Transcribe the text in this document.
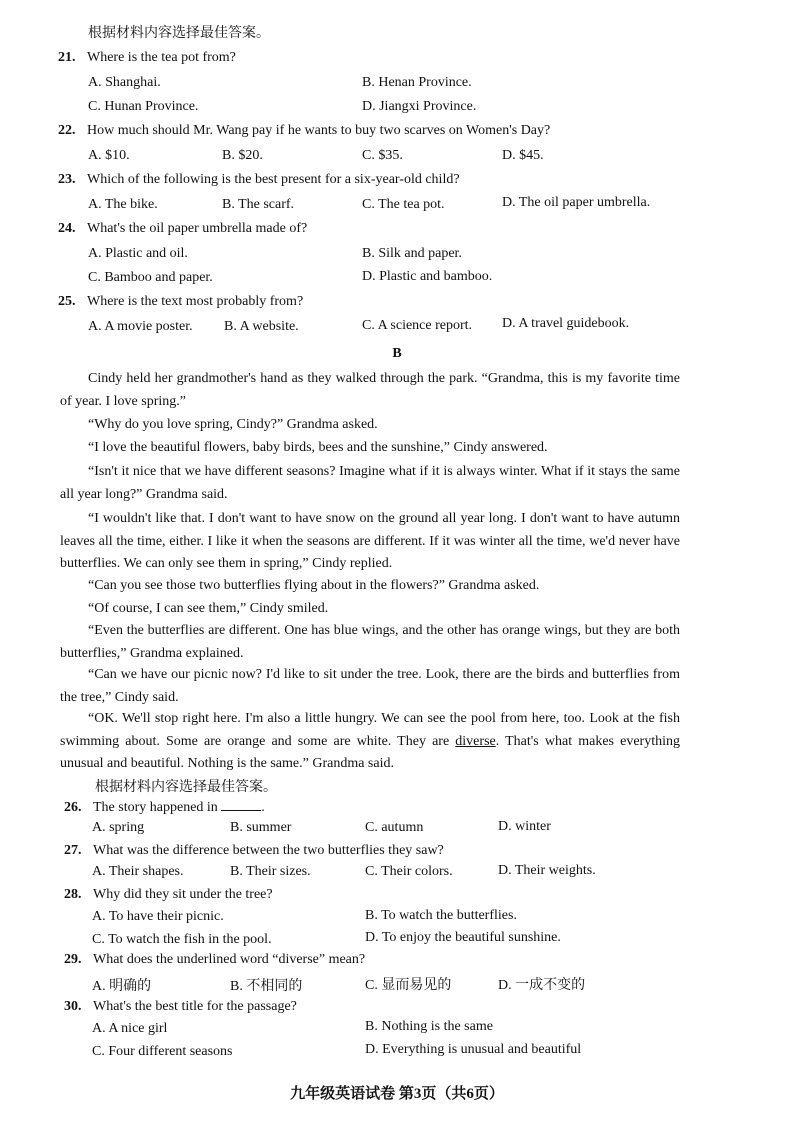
根据材料内容选择最佳答案。
21. Where is the tea pot from?
A. Shanghai.	B. Henan Province.
C. Hunan Province.	D. Jiangxi Province.
22. How much should Mr. Wang pay if he wants to buy two scarves on Women's Day?
A. $10.	B. $20.	C. $35.	D. $45.
23. Which of the following is the best present for a six-year-old child?
A. The bike.	B. The scarf.	C. The tea pot.	D. The oil paper umbrella.
24. What's the oil paper umbrella made of?
A. Plastic and oil.	B. Silk and paper.
C. Bamboo and paper.	D. Plastic and bamboo.
25. Where is the text most probably from?
A. A movie poster. B. A website.	C. A science report. D. A travel guidebook.
B
Cindy held her grandmother's hand as they walked through the park. “Grandma, this is my favorite time of year. I love spring.”
“Why do you love spring, Cindy?” Grandma asked.
“I love the beautiful flowers, baby birds, bees and the sunshine,” Cindy answered.
“Isn't it nice that we have different seasons? Imagine what if it is always winter. What if it stays the same all year long?” Grandma said.
“I wouldn't like that. I don't want to have snow on the ground all year long. I don't want to have autumn leaves all the time, either. I like it when the seasons are different. If it was winter all the time, we'd never have butterflies. We can only see them in spring,” Cindy replied.
“Can you see those two butterflies flying about in the flowers?” Grandma asked.
“Of course, I can see them,” Cindy smiled.
“Even the butterflies are different. One has blue wings, and the other has orange wings, but they are both butterflies,” Grandma explained.
“Can we have our picnic now? I'd like to sit under the tree. Look, there are the birds and butterflies from the tree,” Cindy said.
“OK. We'll stop right here. I'm also a little hungry. We can see the pool from here, too. Look at the fish swimming about. Some are orange and some are white. They are diverse. That's what makes everything unusual and beautiful. Nothing is the same.” Grandma said.
根据材料内容选择最佳答案。
26. The story happened in	.
A. spring	B. summer	C. autumn	D. winter
27. What was the difference between the two butterflies they saw?
A. Their shapes.	B. Their sizes.	C. Their colors.	D. Their weights.
28. Why did they sit under the tree?
A. To have their picnic.	B. To watch the butterflies.
C. To watch the fish in the pool.	D. To enjoy the beautiful sunshine.
29. What does the underlined word “diverse” mean?
A. 明确的	B. 不相同的	C. 显而易见的	D. 一成不变的
30. What's the best title for the passage?
A. A nice girl	B. Nothing is the same
C. Four different seasons	D. Everything is unusual and beautiful
九年级英语试卷 第3页（共6页）
